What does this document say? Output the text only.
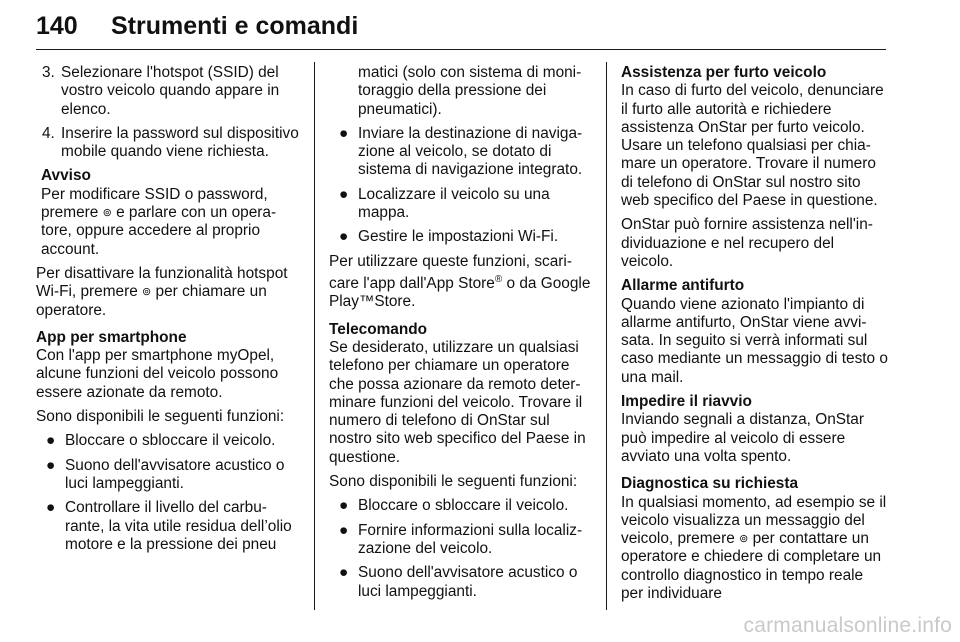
140 Strumenti e comandi
3. Selezionare l'hotspot (SSID) del vostro veicolo quando appare in elenco.
4. Inserire la password sul dispositivo mobile quando viene richiesta.
Avviso
Per modificare SSID o password, premere ⊚ e parlare con un operatore, oppure accedere al proprio account.

Per disattivare la funzionalità hotspot Wi-Fi, premere ⊚ per chiamare un operatore.

App per smartphone

Con l'app per smartphone myOpel, alcune funzioni del veicolo possono essere azionate da remoto.

Sono disponibili le seguenti funzioni:

● Bloccare o sbloccare il veicolo.
● Suono dell'avvisatore acustico o luci lampeggianti.
● Controllare il livello del carburante, la vita utile residua dell’olio motore e la pressione dei pneu
matici (solo con sistema di monitoraggio della pressione dei pneumatici).
● Inviare la destinazione di navigazione al veicolo, se dotato di sistema di navigazione integrato.
● Localizzare il veicolo su una mappa.
● Gestire le impostazioni Wi-Fi.

Per utilizzare queste funzioni, scaricare l'app dall'App Store® o da Google Play™Store.

Telecomando

Se desiderato, utilizzare un qualsiasi telefono per chiamare un operatore che possa azionare da remoto determinare funzioni del veicolo. Trovare il numero di telefono di OnStar sul nostro sito web specifico del Paese in questione.

Sono disponibili le seguenti funzioni:

● Bloccare o sbloccare il veicolo.
● Fornire informazioni sulla localizzazione del veicolo.
● Suono dell'avvisatore acustico o luci lampeggianti.
Assistenza per furto veicolo

In caso di furto del veicolo, denunciare il furto alle autorità e richiedere assistenza OnStar per furto veicolo. Usare un telefono qualsiasi per chiamare un operatore. Trovare il numero di telefono di OnStar sul nostro sito web specifico del Paese in questione.

OnStar può fornire assistenza nell'individuazione e nel recupero del veicolo.

Allarme antifurto

Quando viene azionato l'impianto di allarme antifurto, OnStar viene avvisata. In seguito si verrà informati sul caso mediante un messaggio di testo o una mail.

Impedire il riavvio

Inviando segnali a distanza, OnStar può impedire al veicolo di essere avviato una volta spento.

Diagnostica su richiesta

In qualsiasi momento, ad esempio se il veicolo visualizza un messaggio del veicolo, premere ⊚ per contattare un operatore e chiedere di completare un controllo diagnostico in tempo reale per individuare

carmanualsonline.info
